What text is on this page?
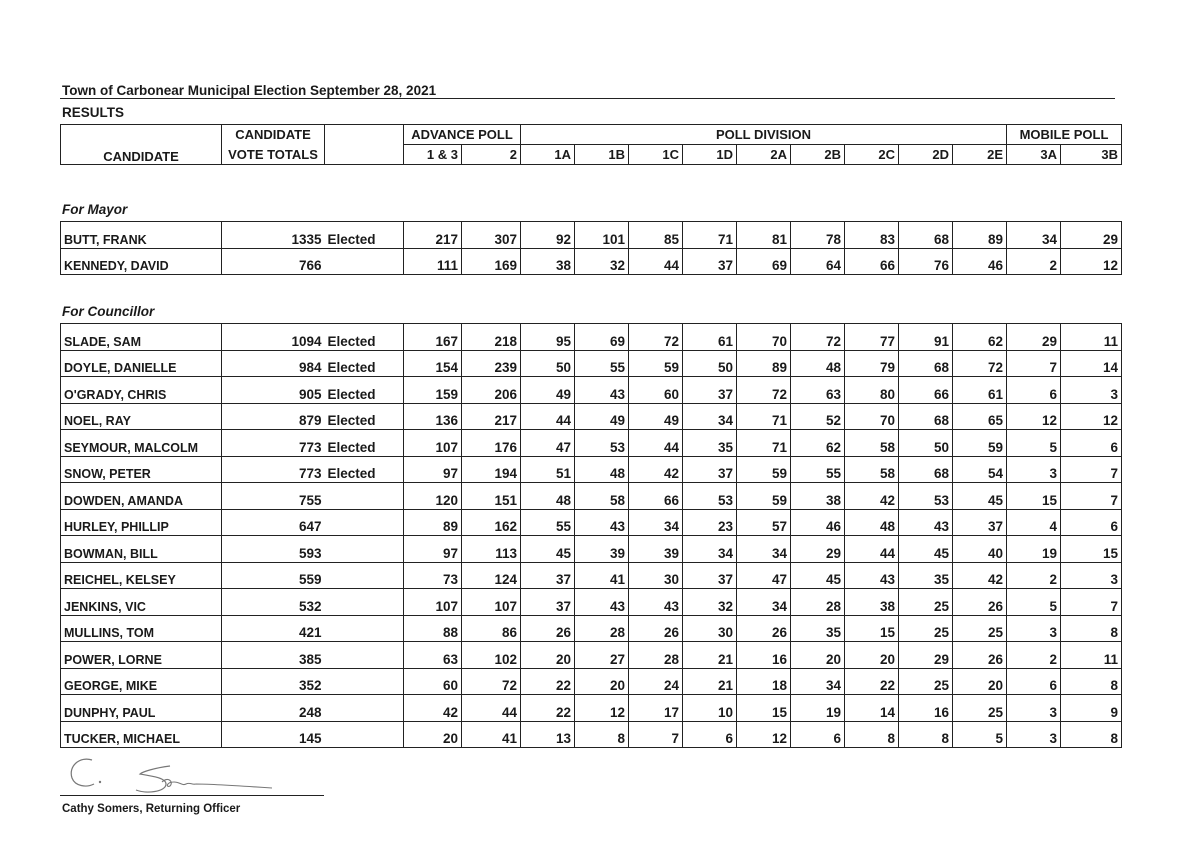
Town of Carbonear Municipal Election September 28, 2021
RESULTS
CANDIDATE	CANDIDATE		ADVANCE POLL		POLL DIVISION									MOBILE POLL	
	VOTE TOTALS		1 & 3	2	1A	1B	1C	1D	2A	2B	2C	2D	2E	3A	3B
For Mayor
BUTT, FRANK	1335	Elected	217	307	92	101	85	71	81	78	83	68	89	34	29
KENNEDY, DAVID	766		111	169	38	32	44	37	69	64	66	76	46	2	12
For Councillor
SLADE, SAM	1094	Elected	167	218	95	69	72	61	70	72	77	91	62	29	11
DOYLE, DANIELLE	984	Elected	154	239	50	55	59	50	89	48	79	68	72	7	14
O'GRADY, CHRIS	905	Elected	159	206	49	43	60	37	72	63	80	66	61	6	3
NOEL, RAY	879	Elected	136	217	44	49	49	34	71	52	70	68	65	12	12
SEYMOUR, MALCOLM	773	Elected	107	176	47	53	44	35	71	62	58	50	59	5	6
SNOW, PETER	773	Elected	97	194	51	48	42	37	59	55	58	68	54	3	7
DOWDEN, AMANDA	755		120	151	48	58	66	53	59	38	42	53	45	15	7
HURLEY, PHILLIP	647		89	162	55	43	34	23	57	46	48	43	37	4	6
BOWMAN, BILL	593		97	113	45	39	39	34	34	29	44	45	40	19	15
REICHEL, KELSEY	559		73	124	37	41	30	37	47	45	43	35	42	2	3
JENKINS, VIC	532		107	107	37	43	43	32	34	28	38	25	26	5	7
MULLINS, TOM	421		88	86	26	28	26	30	26	35	15	25	25	3	8
POWER, LORNE	385		63	102	20	27	28	21	16	20	20	29	26	2	11
GEORGE, MIKE	352		60	72	22	20	24	21	18	34	22	25	20	6	8
DUNPHY, PAUL	248		42	44	22	12	17	10	15	19	14	16	25	3	9
TUCKER, MICHAEL	145		20	41	13	8	7	6	12	6	8	8	5	3	8
Cathy Somers, Returning Officer
